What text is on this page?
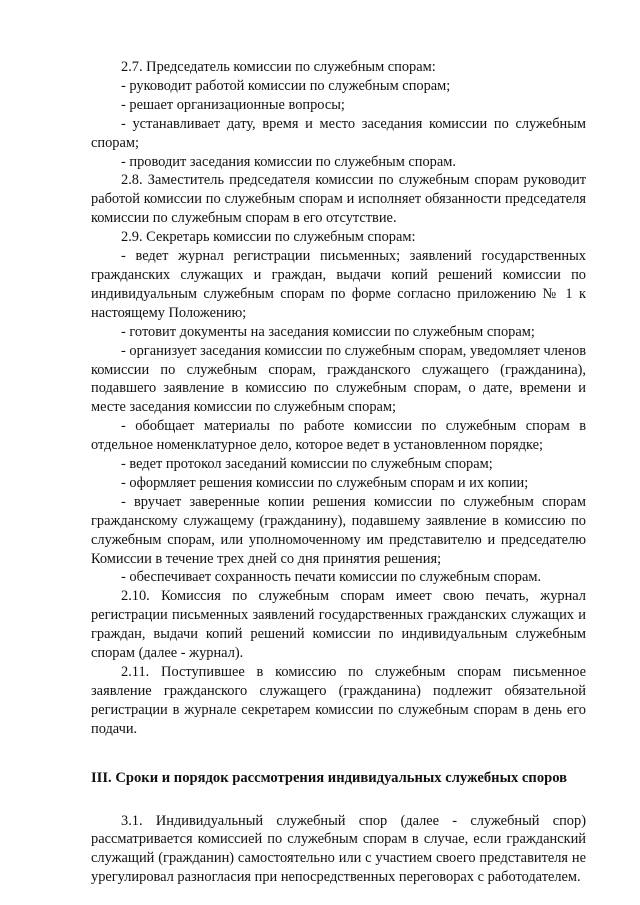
2.7. Председатель комиссии по служебным спорам:

- руководит работой комиссии по служебным спорам;

- решает организационные вопросы;

- устанавливает дату, время и место заседания комиссии по служебным спорам;

- проводит заседания комиссии по служебным спорам.

2.8. Заместитель председателя комиссии по служебным спорам руководит работой комиссии по служебным спорам и исполняет обязанности председателя комиссии по служебным спорам в его отсутствие.

2.9. Секретарь комиссии по служебным спорам:

- ведет журнал регистрации письменных; заявлений государственных гражданских служащих и граждан, выдачи копий решений комиссии по индивидуальным служебным спорам по форме согласно приложению № 1 к настоящему Положению;

- готовит документы на заседания комиссии по служебным спорам;

- организует заседания комиссии по служебным спорам, уведомляет членов комиссии по служебным спорам, гражданского служащего (гражданина), подавшего заявление в комиссию по служебным спорам, о дате, времени и месте заседания комиссии по служебным спорам;

- обобщает материалы по работе комиссии по служебным спорам в отдельное номенклатурное дело, которое ведет в установленном порядке;

- ведет протокол заседаний комиссии по служебным спорам;

- оформляет решения комиссии по служебным спорам и их копии;

- вручает заверенные копии решения комиссии по служебным спорам гражданскому служащему (гражданину), подавшему заявление в комиссию по служебным спорам, или уполномоченному им представителю и председателю Комиссии в течение трех дней со дня принятия решения;

- обеспечивает сохранность печати комиссии по служебным спорам.

2.10. Комиссия по служебным спорам имеет свою печать, журнал регистрации письменных заявлений государственных гражданских служащих и граждан, выдачи копий решений комиссии по индивидуальным служебным спорам (далее - журнал).

2.11. Поступившее в комиссию по служебным спорам письменное заявление гражданского служащего (гражданина) подлежит обязательной регистрации в журнале секретарем комиссии по служебным спорам в день его подачи.

III. Сроки и порядок рассмотрения индивидуальных служебных споров

3.1. Индивидуальный служебный спор (далее - служебный спор) рассматривается комиссией по служебным спорам в случае, если гражданский служащий (гражданин) самостоятельно или с участием своего представителя не урегулировал разногласия при непосредственных переговорах с работодателем.
